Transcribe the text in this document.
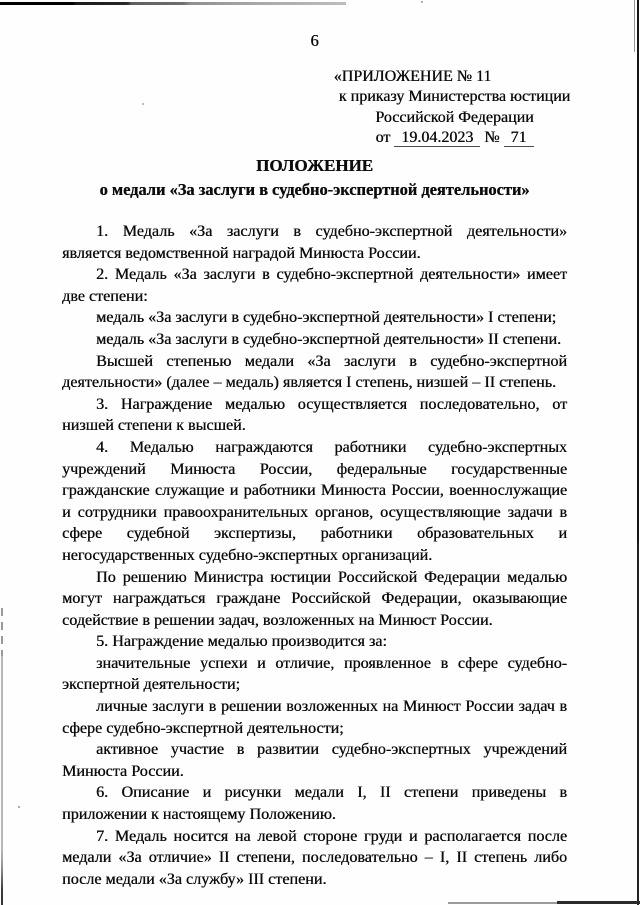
6
«ПРИЛОЖЕНИЕ № 11
к приказу Министерства юстиции
Российской Федерации
от 19.04.2023 № 71
ПОЛОЖЕНИЕ
о медали «За заслуги в судебно-экспертной деятельности»

1. Медаль «За заслуги в судебно-экспертной деятельности» является ведомственной наградой Минюста России.

2. Медаль «За заслуги в судебно-экспертной деятельности» имеет две степени:

медаль «За заслуги в судебно-экспертной деятельности» I степени;

медаль «За заслуги в судебно-экспертной деятельности» II степени.

Высшей степенью медали «За заслуги в судебно-экспертной деятельности» (далее – медаль) является I степень, низшей – II степень.

3. Награждение медалью осуществляется последовательно, от низшей степени к высшей.

4. Медалью награждаются работники судебно-экспертных учреждений Минюста России, федеральные государственные гражданские служащие и работники Минюста России, военнослужащие и сотрудники правоохранительных органов, осуществляющие задачи в сфере судебной экспертизы, работники образовательных и негосударственных судебно-экспертных организаций.

По решению Министра юстиции Российской Федерации медалью могут награждаться граждане Российской Федерации, оказывающие содействие в решении задач, возложенных на Минюст России.

5. Награждение медалью производится за:

значительные успехи и отличие, проявленное в сфере судебно-экспертной деятельности;

личные заслуги в решении возложенных на Минюст России задач в сфере судебно-экспертной деятельности;

активное участие в развитии судебно-экспертных учреждений Минюста России.

6. Описание и рисунки медали I, II степени приведены в приложении к настоящему Положению.

7. Медаль носится на левой стороне груди и располагается после медали «За отличие» II степени, последовательно – I, II степень либо после медали «За службу» III степени.
